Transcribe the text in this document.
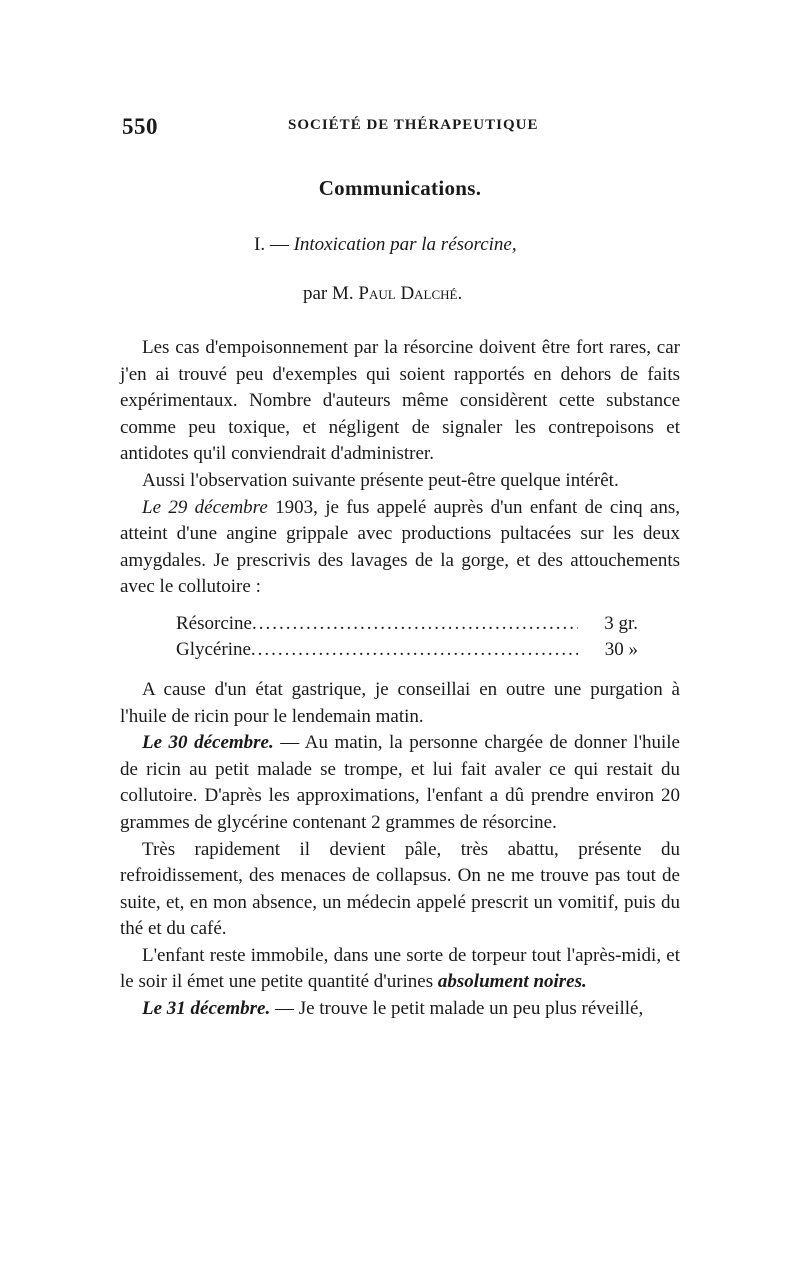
550	SOCIÉTÉ DE THÉRAPEUTIQUE
Communications.
I. — Intoxication par la résorcine,
par M. Paul Dalché.

Les cas d'empoisonnement par la résorcine doivent être fort rares, car j'en ai trouvé peu d'exemples qui soient rapportés en dehors de faits expérimentaux. Nombre d'auteurs même considèrent cette substance comme peu toxique, et négligent de signaler les contrepoisons et antidotes qu'il conviendrait d'administrer.

Aussi l'observation suivante présente peut-être quelque intérêt.

Le 29 décembre 1903, je fus appelé auprès d'un enfant de cinq ans, atteint d'une angine grippale avec productions pultacées sur les deux amygdales. Je prescrivis des lavages de la gorge, et des attouchements avec le collutoire :

Résorcine .....	3 gr.
Glycérine .....	30 »

A cause d'un état gastrique, je conseillai en outre une purgation à l'huile de ricin pour le lendemain matin.

Le 30 décembre. — Au matin, la personne chargée de donner l'huile de ricin au petit malade se trompe, et lui fait avaler ce qui restait du collutoire. D'après les approximations, l'enfant a dû prendre environ 20 grammes de glycérine contenant 2 grammes de résorcine.

Très rapidement il devient pâle, très abattu, présente du refroidissement, des menaces de collapsus. On ne me trouve pas tout de suite, et, en mon absence, un médecin appelé prescrit un vomitif, puis du thé et du café.

L'enfant reste immobile, dans une sorte de torpeur tout l'après-midi, et le soir il émet une petite quantité d'urines absolument noires.

Le 31 décembre. — Je trouve le petit malade un peu plus réveillé,
